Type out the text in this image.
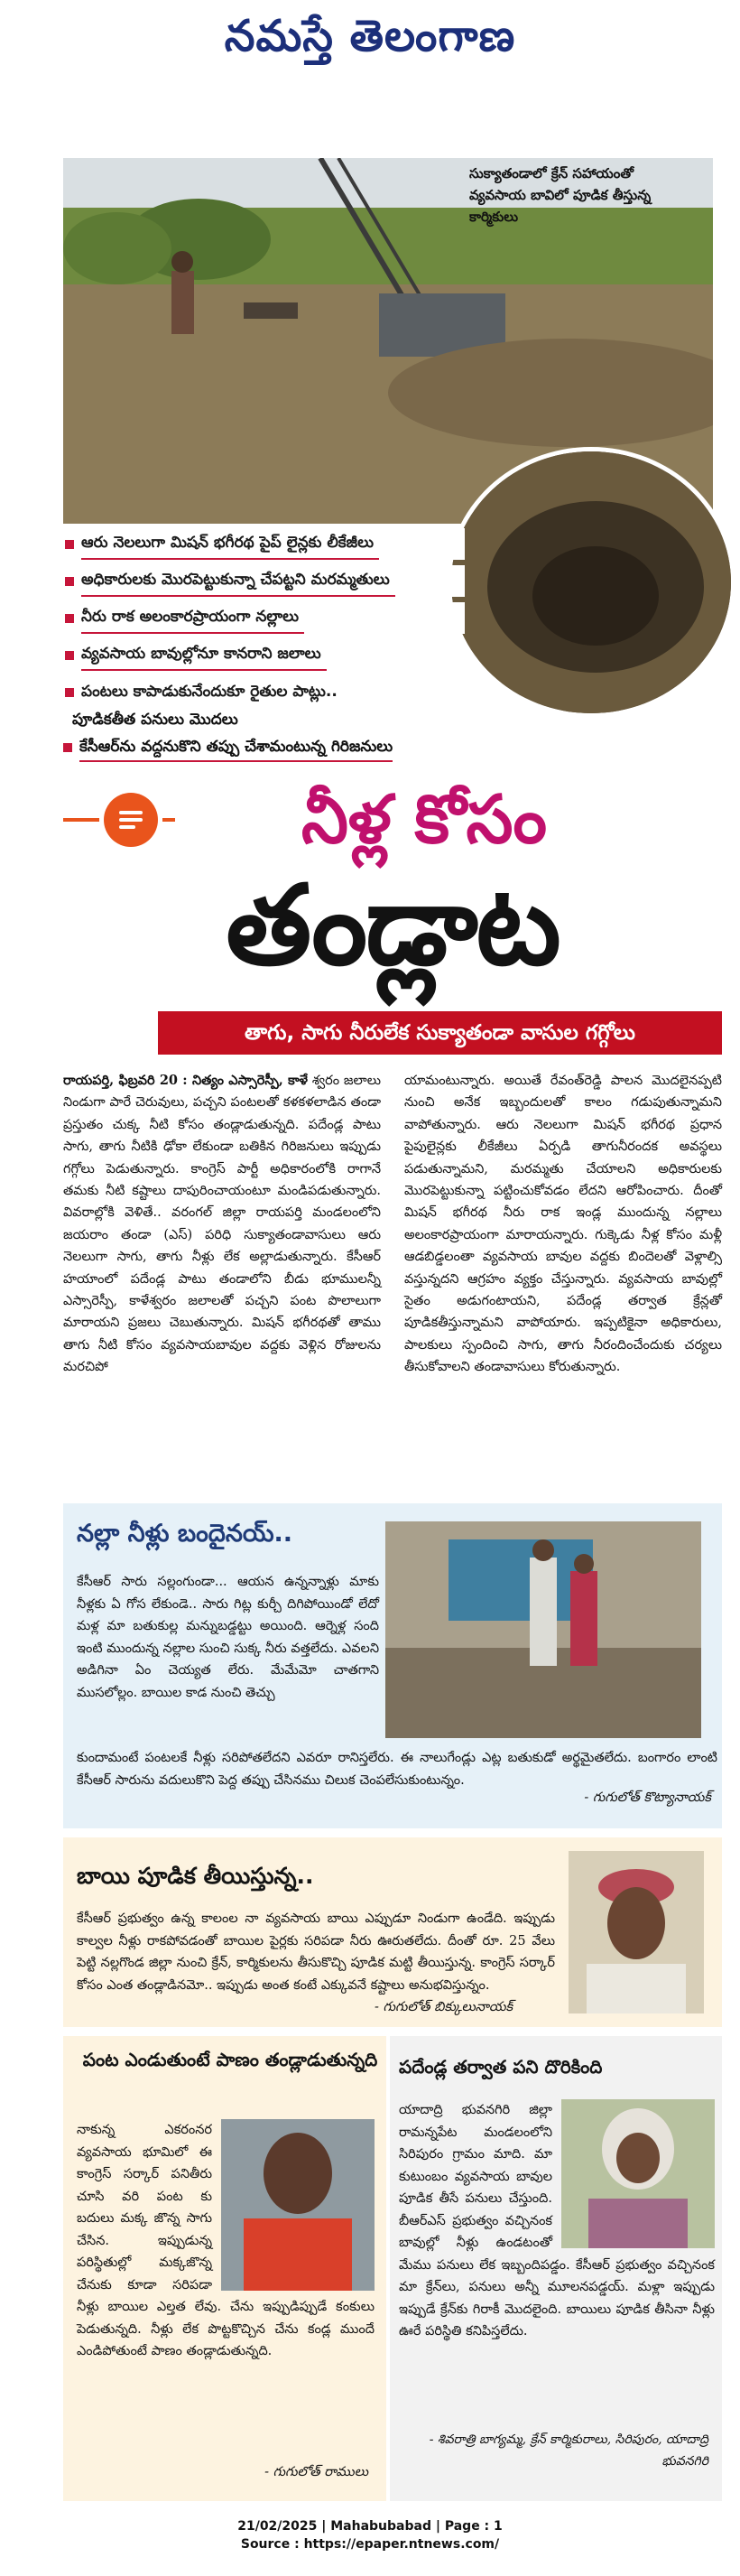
నమస్తే తెలంగాణ
సుక్యాతండాలో క్రేన్ సహాయంతో వ్యవసాయ బావిలో పూడిక తీస్తున్న కార్మికులు
ఆరు నెలలుగా మిషన్ భగీరథ పైప్ లైన్లకు లీకేజీలు
అధికారులకు మొరపెట్టుకున్నా చేపట్టని మరమ్మతులు
నీరు రాక అలంకారప్రాయంగా నల్లాలు
వ్యవసాయ బావుల్లోనూ కానరాని జలాలు
పంటలు కాపాడుకునేందుకూ రైతుల పాట్లు..
పూడికతీత పనులు మొదలు
కేసీఆర్‌ను వద్దనుకొని తప్పు చేశామంటున్న గిరిజనులు
నీళ్ల కోసం
తండ్లాట
తాగు, సాగు నీరులేక సుక్యాతండా వాసుల గగ్గోలు
రాయపర్తి, ఫిబ్రవరి 20 : నిత్యం ఎస్సారెస్పీ, కాళే శ్వరం జలాలు నిండుగా పారే చెరువులు, పచ్చని పంటలతో కళకళలాడిన తండా ప్రస్తుతం చుక్క నీటి కోసం తండ్లాడుతున్నది. పదేండ్ల పాటు సాగు, తాగు నీటికి ఢోకా లేకుండా బతికిన గిరిజనులు ఇప్పుడు గగ్గోలు పెడుతున్నారు. కాంగ్రెస్ పార్టీ అధికారంలోకి రాగానే తమకు నీటి కష్టాలు దాపురించాయంటూ మండిపడుతున్నారు. వివరాల్లోకి వెళితే.. వరంగల్ జిల్లా రాయపర్తి మండలంలోని జయరాం తండా (ఎస్) పరిధి సుక్యాతండావాసులు ఆరు నెలలుగా సాగు, తాగు నీళ్లు లేక అల్లాడుతున్నారు. కేసీఆర్ హయాంలో పదేండ్ల పాటు తండాలోని బీడు భూములన్నీ ఎస్సారెస్పీ, కాళేశ్వరం జలాలతో పచ్చని పంట పొలాలుగా మారాయని ప్రజలు చెబుతున్నారు. మిషన్ భగీరథతో తాము తాగు నీటి కోసం వ్యవసాయబావుల వద్దకు వెళ్లిన రోజులను మరచిపో
యామంటున్నారు. అయితే రేవంత్‌రెడ్డి పాలన మొదలైనప్పటి నుంచి అనేక ఇబ్బందులతో కాలం గడుపుతున్నామని వాపోతున్నారు. ఆరు నెలలుగా మిషన్ భగీరథ ప్రధాన పైపులైన్లకు లీకేజీలు ఏర్పడి తాగునీరందక అవస్థలు పడుతున్నామని, మరమ్మతు చేయాలని అధికారులకు మొరపెట్టుకున్నా పట్టించుకోవడం లేదని ఆరోపించారు. దీంతో మిషన్ భగీరథ నీరు రాక ఇండ్ల ముందున్న నల్లాలు అలంకారప్రాయంగా మారాయన్నారు. గుక్కెడు నీళ్ల కోసం మళ్లీ ఆడబిడ్డలంతా వ్యవసాయ బావుల వద్దకు బిందెలతో వెళ్లాల్సి వస్తున్నదని ఆగ్రహం వ్యక్తం చేస్తున్నారు. వ్యవసాయ బావుల్లో సైతం అడుగంటాయని, పదేండ్ల తర్వాత క్రేన్లతో పూడికతీస్తున్నామని వాపోయారు. ఇప్పటికైనా అధికారులు, పాలకులు స్పందించి సాగు, తాగు నీరందించేందుకు చర్యలు తీసుకోవాలని తండావాసులు కోరుతున్నారు.
నల్లా నీళ్లు బందైనయ్..
కేసీఆర్ సారు సల్లంగుండా... ఆయన ఉన్నన్నాళ్లు మాకు నీళ్లకు ఏ గోస లేకుండె.. సారు గిట్ల కుర్చీ దిగిపోయిండో లేదో మళ్ల మా బతుకుల్ల మన్నుబడ్డట్టు అయింది. ఆర్నెళ్ల సంది ఇంటి ముందున్న నల్లాల సుంచి సుక్క నీరు వత్తలేదు. ఎవలని అడిగినా ఏం చెయ్యత లేరు. మేమేమో చాతగాని ముసలోల్లం. బాయిల కాడ నుంచి తెచ్చు
కుందామంటే పంటలకే నీళ్లు సరిపోతలేదని ఎవరూ రానిస్తలేరు. ఈ నాలుగేండ్లు ఎట్ల బతుకుడో అర్థమైతలేదు. బంగారం లాంటి కేసీఆర్ సారును వదులుకొని పెద్ద తప్పు చేసినము చిలుక చెంపలేసుకుంటున్నం.
- గుగులోత్ కొట్యానాయక్
బాయి పూడిక తీయిస్తున్న..
కేసీఆర్ ప్రభుత్వం ఉన్న కాలంల నా వ్యవసాయ బాయి ఎప్పుడూ నిండుగా ఉండేది. ఇప్పుడు కాల్వల నీళ్లు రాకపోవడంతో బాయిల పైర్లకు సరిపడా నీరు ఊరుతలేదు. దీంతో రూ. 25 వేలు పెట్టి నల్లగొండ జిల్లా నుంచి క్రేన్, కార్మికులను తీసుకొచ్చి పూడిక మట్టి తీయిస్తున్న. కాంగ్రెస్ సర్కార్ కోసం ఎంత తండ్లాడినమో.. ఇప్పుడు అంత కంటే ఎక్కువనే కష్టాలు అనుభవిస్తున్నం.
- గుగులోత్ బిక్కులునాయక్
పంట ఎండుతుంటే పాణం తండ్లాడుతున్నది
నాకున్న ఎకరంనర వ్యవసాయ భూమిలో ఈ కాంగ్రెస్ సర్కార్ పనితీరు చూసి వరి పంట కు బదులు మక్క జొన్న సాగు చేసిన. ఇప్పుడున్న పరిస్థితుల్లో మక్కజొన్న చేనుకు కూడా సరిపడా నీళ్లు బాయిల ఎల్తత లేవు. చేను ఇప్పుడిప్పుడే కంకులు పెడుతున్నది. నీళ్లు లేక పొట్టకొచ్చిన చేను కండ్ల ముందే ఎండిపోతుంటే పాణం తండ్లాడుతున్నది.
- గుగులోత్ రాములు
పదేండ్ల తర్వాత పని దొరికింది
యాదాద్రి భువనగిరి జిల్లా రామన్నపేట మండలంలోని సిరిపురం గ్రామం మాది. మా కుటుంబం వ్యవసాయ బావుల పూడిక తీసే పనులు చేస్తుంది. బీఆర్ఎస్ ప్రభుత్వం వచ్చినంక బావుల్లో నీళ్లు ఉండటంతో మేము పనులు లేక ఇబ్బందిపడ్డం. కేసీఆర్ ప్రభుత్వం వచ్చినంక మా క్రేన్‌లు, పనులు అన్నీ మూలనపడ్డయ్. మళ్లా ఇప్పుడు ఇప్పుడే క్రేన్‌కు గిరాకీ మొదలైంది. బాయిలు పూడిక తీసినా నీళ్లు ఊరే పరిస్థితి కనిపిస్తలేదు.
- శివరాత్రి బాగ్యమ్మ, క్రేన్ కార్మికురాలు, సిరిపురం, యాదాద్రి భువనగిరి
21/02/2025 | Mahabubabad | Page : 1
Source : https://epaper.ntnews.com/
